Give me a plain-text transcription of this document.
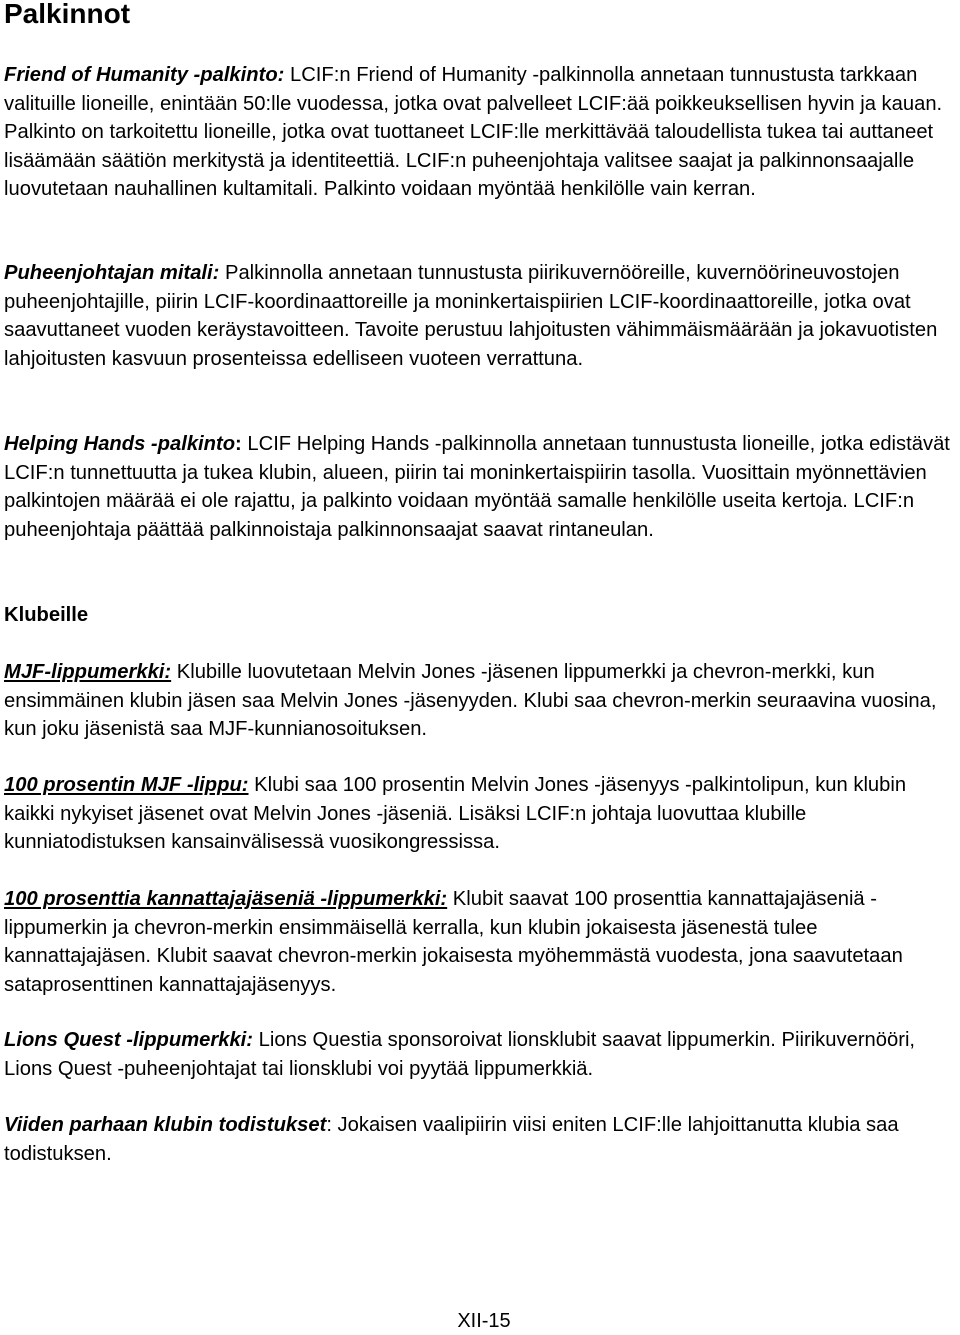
Palkinnot

Friend of Humanity -palkinto: LCIF:n Friend of Humanity -palkinnolla annetaan tunnustusta tarkkaan valituille lioneille, enintään 50:lle vuodessa, jotka ovat palvelleet LCIF:ää poikkeuksellisen hyvin ja kauan. Palkinto on tarkoitettu lioneille, jotka ovat tuottaneet LCIF:lle merkittävää taloudellista tukea tai auttaneet lisäämään säätiön merkitystä ja identiteettiä. LCIF:n puheenjohtaja valitsee saajat ja palkinnonsaajalle luovutetaan nauhallinen kultamitali. Palkinto voidaan myöntää henkilölle vain kerran.

Puheenjohtajan mitali: Palkinnolla annetaan tunnustusta piirikuvernööreille, kuvernöörineuvostojen puheenjohtajille, piirin LCIF-koordinaattoreille ja moninkertaispiirien LCIF-koordinaattoreille, jotka ovat saavuttaneet vuoden keräystavoitteen. Tavoite perustuu lahjoitusten vähimmäismäärään ja jokavuotisten lahjoitusten kasvuun prosenteissa edelliseen vuoteen verrattuna.

Helping Hands -palkinto: LCIF Helping Hands -palkinnolla annetaan tunnustusta lioneille, jotka edistävät LCIF:n tunnettuutta ja tukea klubin, alueen, piirin tai moninkertaispiirin tasolla. Vuosittain myönnettävien palkintojen määrää ei ole rajattu, ja palkinto voidaan myöntää samalle henkilölle useita kertoja. LCIF:n puheenjohtaja päättää palkinnoistaja palkinnonsaajat saavat rintaneulan.

Klubeille

MJF-lippumerkki: Klubille luovutetaan Melvin Jones -jäsenen lippumerkki ja chevron-merkki, kun ensimmäinen klubin jäsen saa Melvin Jones -jäsenyyden. Klubi saa chevron-merkin seuraavina vuosina, kun joku jäsenistä saa MJF-kunnianosoituksen.

100 prosentin MJF -lippu: Klubi saa 100 prosentin Melvin Jones -jäsenyys -palkintolipun, kun klubin kaikki nykyiset jäsenet ovat Melvin Jones -jäseniä. Lisäksi LCIF:n johtaja luovuttaa klubille kunniatodistuksen kansainvälisessä vuosikongressissa.

100 prosenttia kannattajajäseniä -lippumerkki: Klubit saavat 100 prosenttia kannattajajäseniä -lippumerkin ja chevron-merkin ensimmäisellä kerralla, kun klubin jokaisesta jäsenestä tulee kannattajajäsen. Klubit saavat chevron-merkin jokaisesta myöhemmästä vuodesta, jona saavutetaan sataprosenttinen kannattajajäsenyys.

Lions Quest -lippumerkki: Lions Questia sponsoroivat lionsklubit saavat lippumerkin. Piirikuvernööri, Lions Quest -puheenjohtajat tai lionsklubi voi pyytää lippumerkkiä.

Viiden parhaan klubin todistukset: Jokaisen vaalipiirin viisi eniten LCIF:lle lahjoittanutta klubia saa todistuksen.

XII-15
